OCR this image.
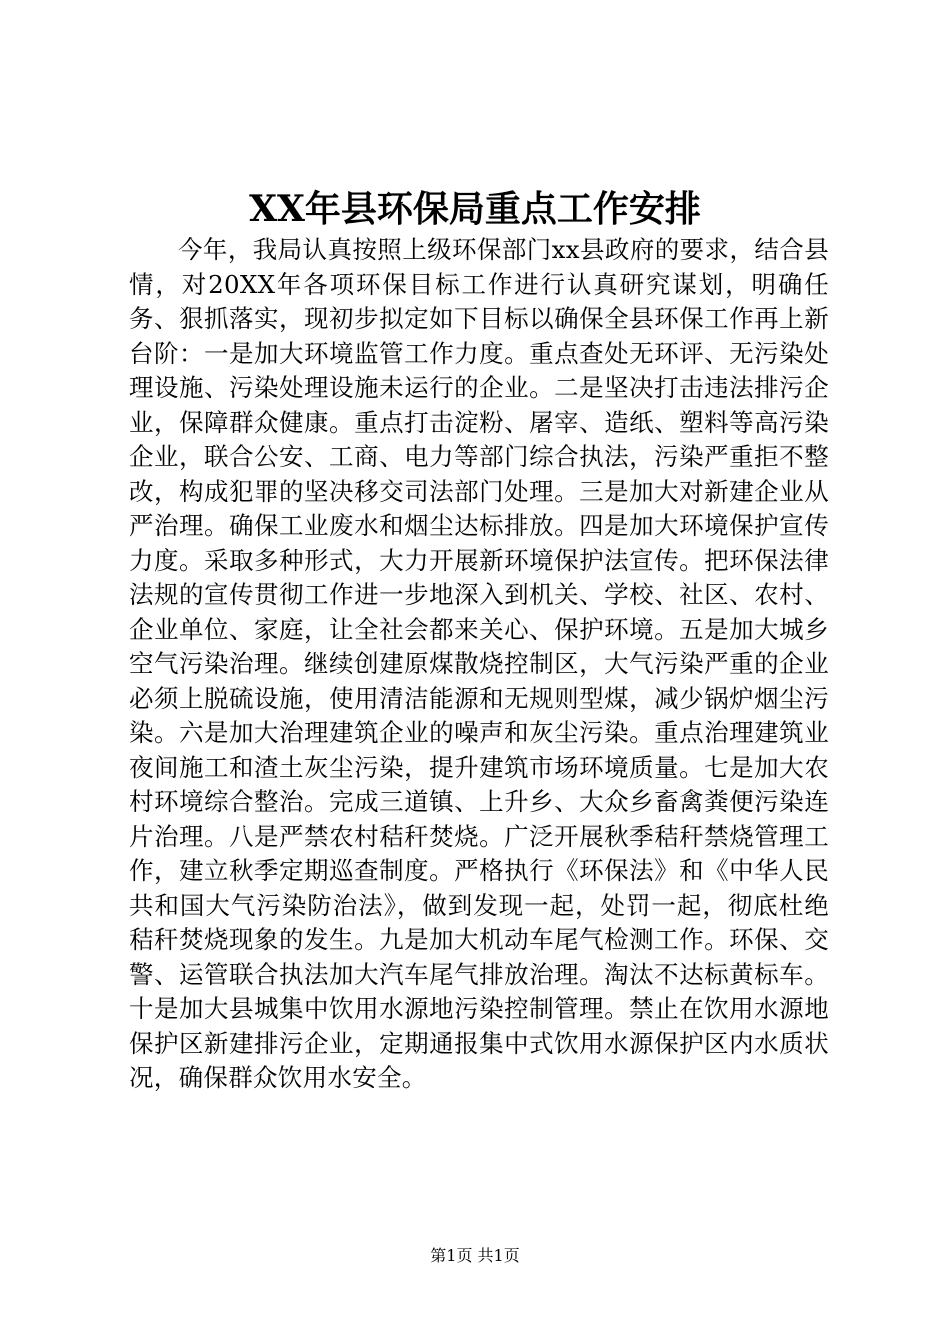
XX年县环保局重点工作安排

今年，我局认真按照上级环保部门xx县政府的要求，结合县情，对20XX年各项环保目标工作进行认真研究谋划，明确任务、狠抓落实，现初步拟定如下目标以确保全县环保工作再上新台阶：一是加大环境监管工作力度。重点查处无环评、无污染处理设施、污染处理设施未运行的企业。二是坚决打击违法排污企业，保障群众健康。重点打击淀粉、屠宰、造纸、塑料等高污染企业，联合公安、工商、电力等部门综合执法，污染严重拒不整改，构成犯罪的坚决移交司法部门处理。三是加大对新建企业从严治理。确保工业废水和烟尘达标排放。四是加大环境保护宣传力度。采取多种形式，大力开展新环境保护法宣传。把环保法律法规的宣传贯彻工作进一步地深入到机关、学校、社区、农村、企业单位、家庭，让全社会都来关心、保护环境。五是加大城乡空气污染治理。继续创建原煤散烧控制区，大气污染严重的企业必须上脱硫设施，使用清洁能源和无规则型煤，减少锅炉烟尘污染。六是加大治理建筑企业的噪声和灰尘污染。重点治理建筑业夜间施工和渣土灰尘污染，提升建筑市场环境质量。七是加大农村环境综合整治。完成三道镇、上升乡、大众乡畜禽粪便污染连片治理。八是严禁农村秸秆焚烧。广泛开展秋季秸秆禁烧管理工作，建立秋季定期巡查制度。严格执行《环保法》和《中华人民共和国大气污染防治法》，做到发现一起，处罚一起，彻底杜绝秸秆焚烧现象的发生。九是加大机动车尾气检测工作。环保、交警、运管联合执法加大汽车尾气排放治理。淘汰不达标黄标车。十是加大县城集中饮用水源地污染控制管理。禁止在饮用水源地保护区新建排污企业，定期通报集中式饮用水源保护区内水质状况，确保群众饮用水安全。

第1页 共1页
